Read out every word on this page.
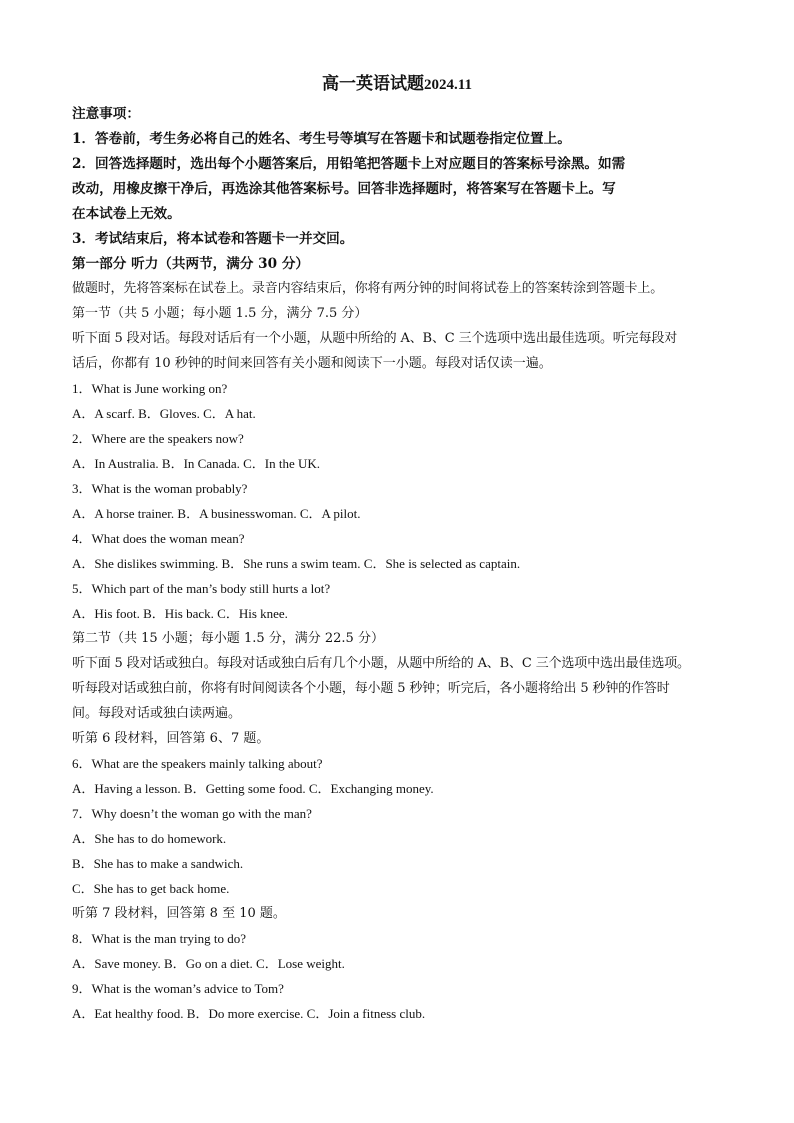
高一英语试题2024.11
注意事项：
1．答卷前，考生务必将自己的姓名、考生号等填写在答题卡和试题卷指定位置上。
2．回答选择题时，选出每个小题答案后，用铅笔把答题卡上对应题目的答案标号涂黑。如需
改动，用橡皮擦干净后，再选涂其他答案标号。回答非选择题时，将答案写在答题卡上。写
在本试卷上无效。
3．考试结束后，将本试卷和答题卡一并交回。
第一部分 听力（共两节，满分 30 分）
做题时，先将答案标在试卷上。录音内容结束后，你将有两分钟的时间将试卷上的答案转涂到答题卡上。
第一节（共 5 小题；每小题 1.5 分，满分 7.5 分）
听下面 5 段对话。每段对话后有一个小题，从题中所给的 A、B、C 三个选项中选出最佳选项。听完每段对
话后，你都有 10 秒钟的时间来回答有关小题和阅读下一小题。每段对话仅读一遍。
1．What is June working on?
A．A scarf. B．Gloves. C．A hat.
2．Where are the speakers now?
A．In Australia. B．In Canada. C．In the UK.
3．What is the woman probably?
A．A horse trainer. B．A businesswoman. C．A pilot.
4．What does the woman mean?
A．She dislikes swimming. B．She runs a swim team. C．She is selected as captain.
5．Which part of the man’s body still hurts a lot?
A．His foot. B．His back. C．His knee.
第二节（共 15 小题；每小题 1.5 分，满分 22.5 分）
听下面 5 段对话或独白。每段对话或独白后有几个小题，从题中所给的 A、B、C 三个选项中选出最佳选项。
听每段对话或独白前，你将有时间阅读各个小题，每小题 5 秒钟；听完后，各小题将给出 5 秒钟的作答时
间。每段对话或独白读两遍。
听第 6 段材料，回答第 6、7 题。
6．What are the speakers mainly talking about?
A．Having a lesson. B．Getting some food. C．Exchanging money.
7．Why doesn’t the woman go with the man?
A．She has to do homework.
B．She has to make a sandwich.
C．She has to get back home.
听第 7 段材料，回答第 8 至 10 题。
8．What is the man trying to do?
A．Save money. B．Go on a diet. C．Lose weight.
9．What is the woman’s advice to Tom?
A．Eat healthy food. B．Do more exercise. C．Join a fitness club.
